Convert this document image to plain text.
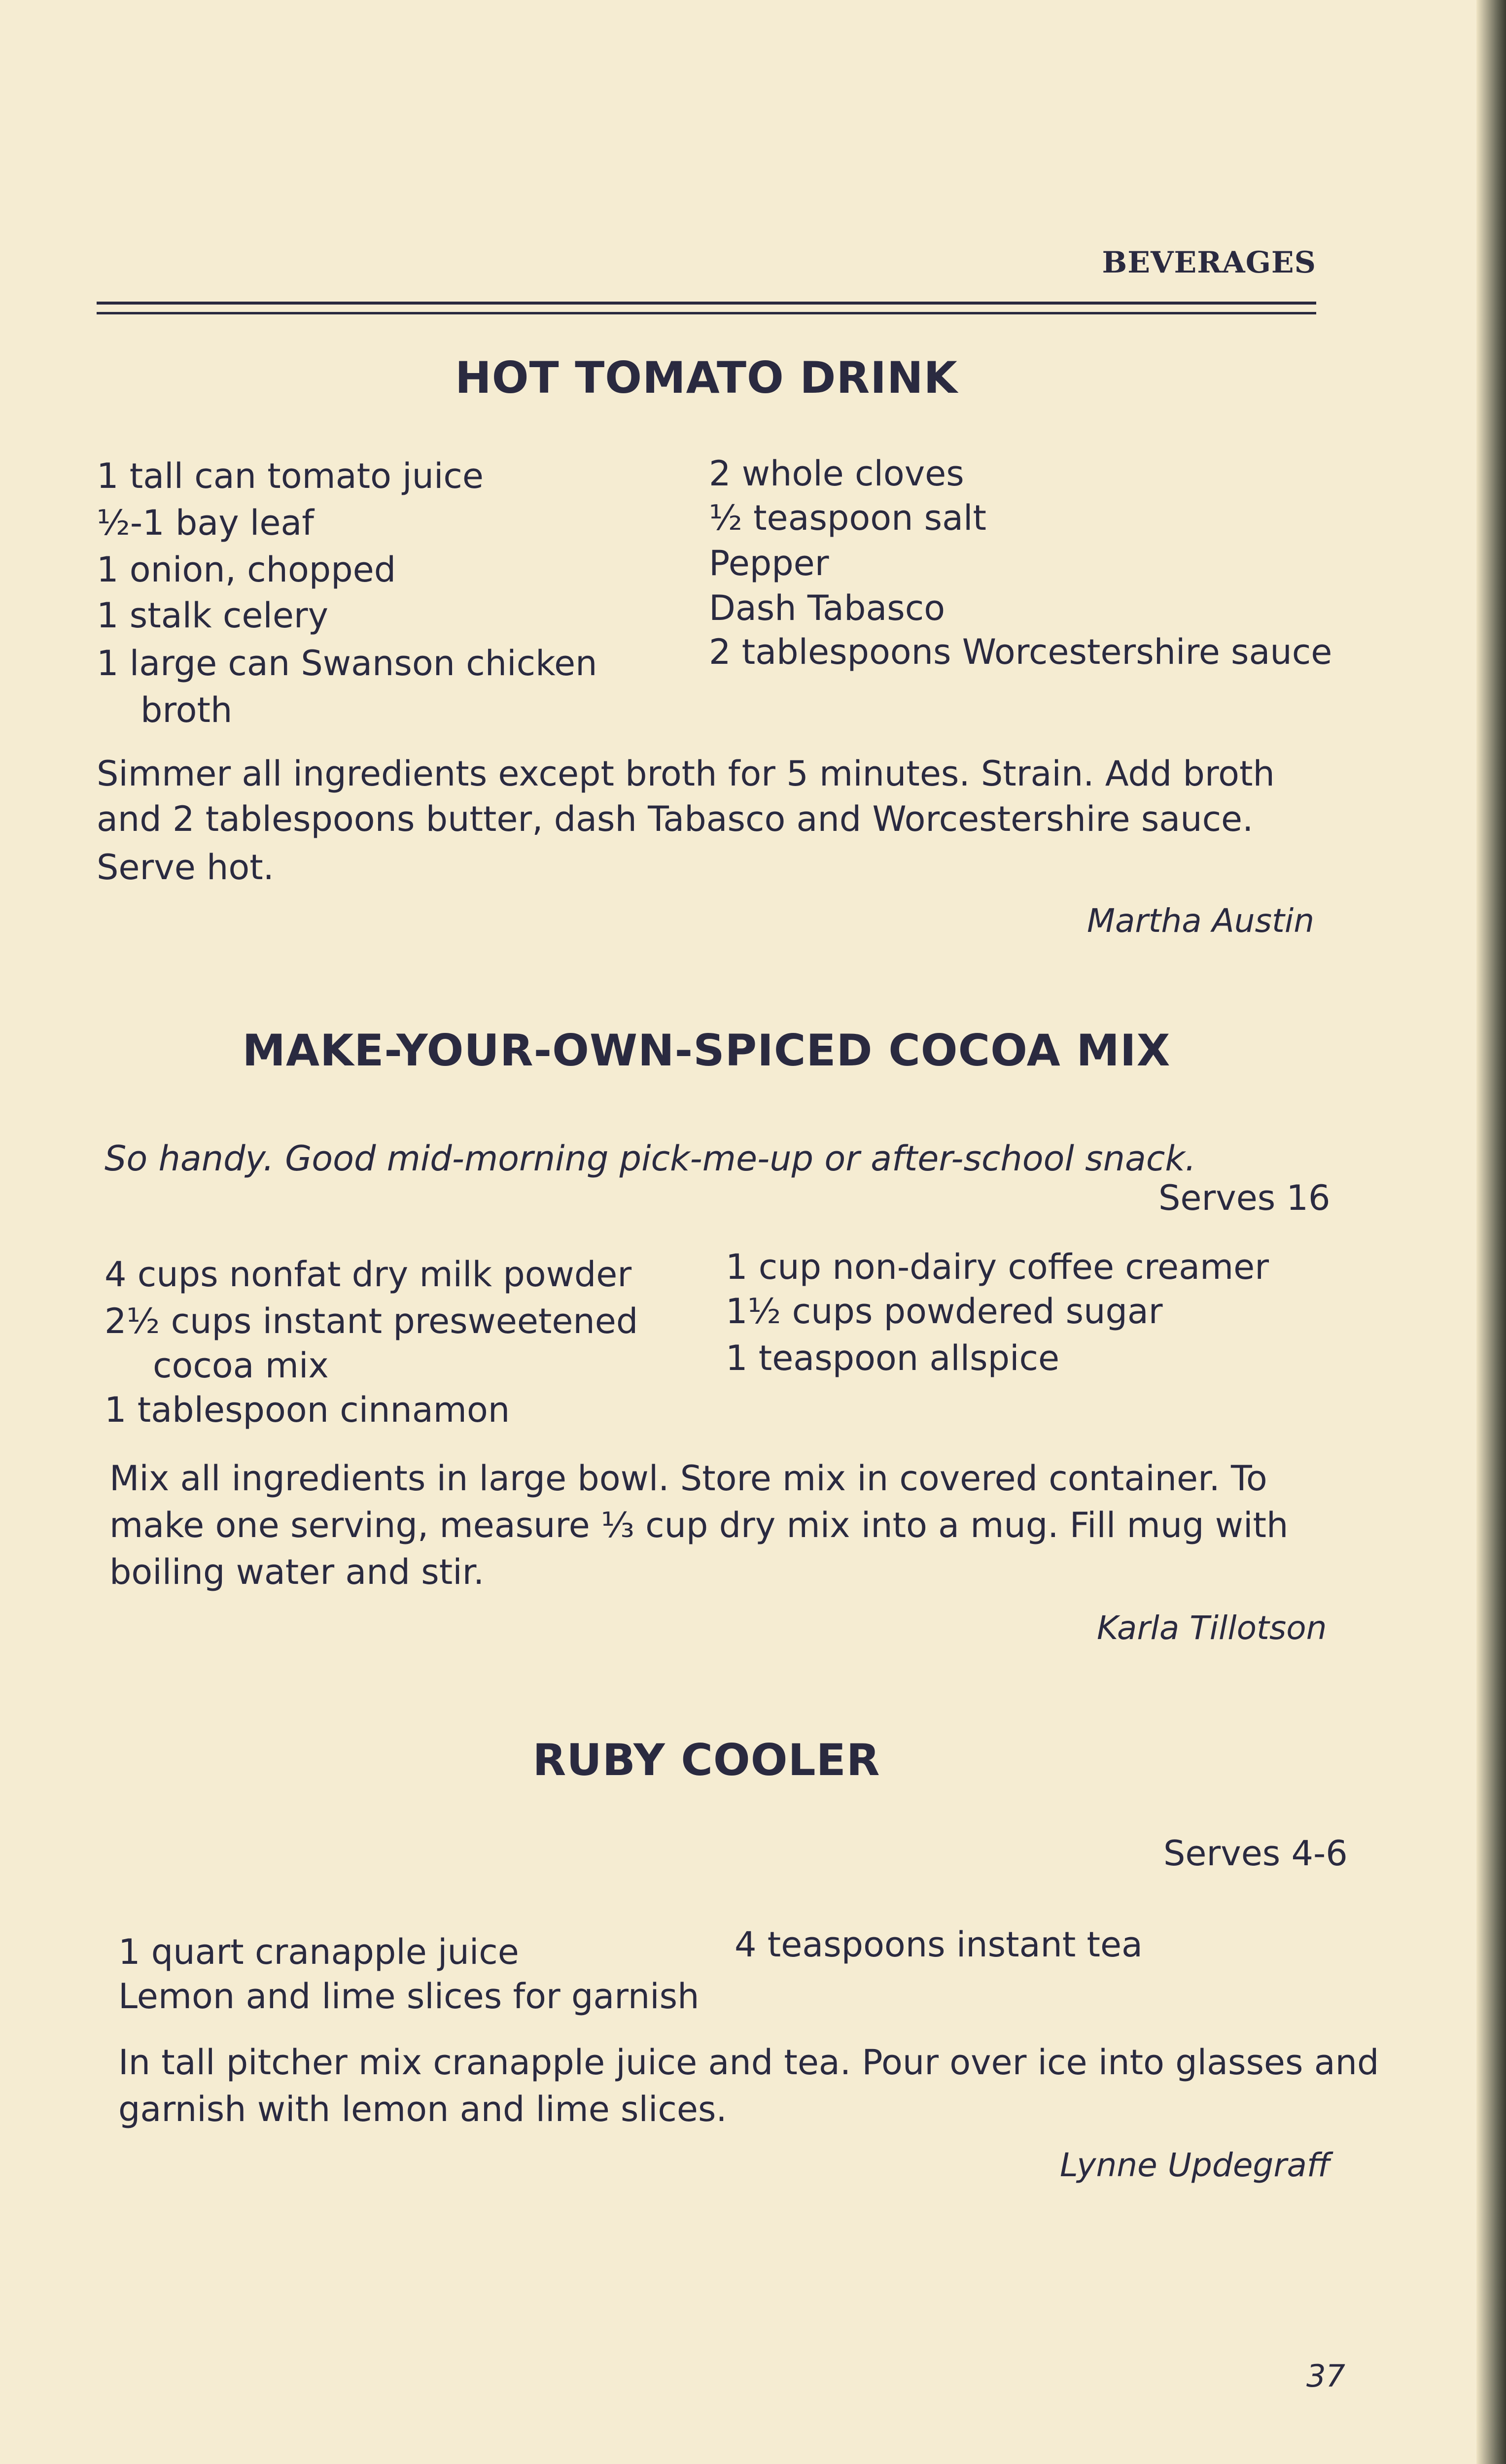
BEVERAGES
HOT TOMATO DRINK
1 tall can tomato juice
½-1 bay leaf
1 onion, chopped
1 stalk celery
1 large can Swanson chicken
broth
2 whole cloves
½ teaspoon salt
Pepper
Dash Tabasco
2 tablespoons Worcestershire sauce
Simmer all ingredients except broth for 5 minutes. Strain. Add broth
and 2 tablespoons butter, dash Tabasco and Worcestershire sauce.
Serve hot.
Martha Austin
MAKE-YOUR-OWN-SPICED COCOA MIX
So handy. Good mid-morning pick-me-up or after-school snack.
Serves 16
4 cups nonfat dry milk powder
2½ cups instant presweetened
cocoa mix
1 tablespoon cinnamon
1 cup non-dairy coffee creamer
1½ cups powdered sugar
1 teaspoon allspice
Mix all ingredients in large bowl. Store mix in covered container. To
make one serving, measure ⅓ cup dry mix into a mug. Fill mug with
boiling water and stir.
Karla Tillotson
RUBY COOLER
Serves 4-6
1 quart cranapple juice
Lemon and lime slices for garnish
4 teaspoons instant tea
In tall pitcher mix cranapple juice and tea. Pour over ice into glasses and
garnish with lemon and lime slices.
Lynne Updegraff
37
